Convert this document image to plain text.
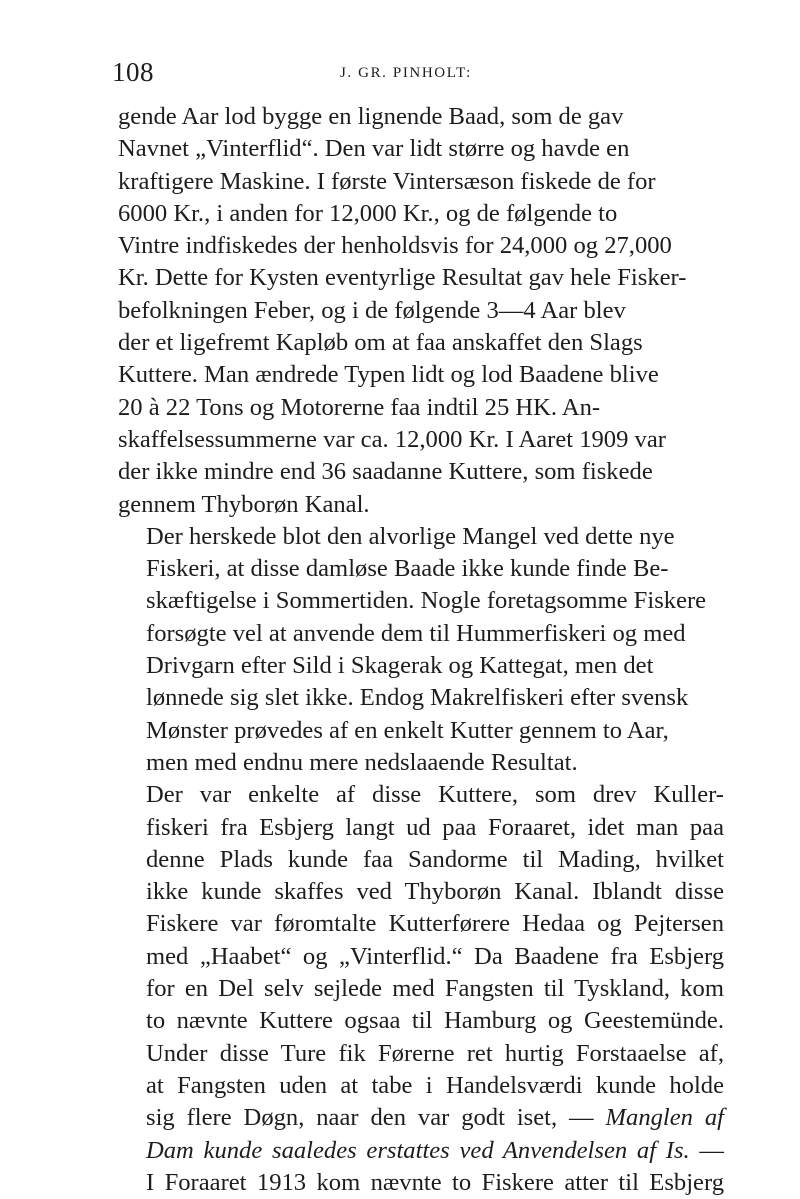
108	J. GR. PINHOLT:

gende Aar lod bygge en lignende Baad, som de gav
Navnet „Vinterflid“. Den var lidt større og havde en
kraftigere Maskine. I første Vintersæson fiskede de for
6000 Kr., i anden for 12,000 Kr., og de følgende to
Vintre indfiskedes der henholdsvis for 24,000 og 27,000
Kr. Dette for Kysten eventyrlige Resultat gav hele Fisker-
befolkningen Feber, og i de følgende 3—4 Aar blev
der et ligefremt Kapløb om at faa anskaffet den Slags
Kuttere. Man ændrede Typen lidt og lod Baadene blive
20 à 22 Tons og Motorerne faa indtil 25 HK. An-
skaffelsessummerne var ca. 12,000 Kr. I Aaret 1909 var
der ikke mindre end 36 saadanne Kuttere, som fiskede
gennem Thyborøn Kanal.

Der herskede blot den alvorlige Mangel ved dette nye
Fiskeri, at disse damløse Baade ikke kunde finde Be-
skæftigelse i Sommertiden. Nogle foretagsomme Fiskere
forsøgte vel at anvende dem til Hummerfiskeri og med
Drivgarn efter Sild i Skagerak og Kattegat, men det
lønnede sig slet ikke. Endog Makrelfiskeri efter svensk
Mønster prøvedes af en enkelt Kutter gennem to Aar,
men med endnu mere nedslaaende Resultat.

Der var enkelte af disse Kuttere, som drev Kuller-
fiskeri fra Esbjerg langt ud paa Foraaret, idet man paa
denne Plads kunde faa Sandorme til Mading, hvilket
ikke kunde skaffes ved Thyborøn Kanal. Iblandt disse
Fiskere var føromtalte Kutterførere Hedaa og Pejtersen
med „Haabet“ og „Vinterflid.“ Da Baadene fra Esbjerg
for en Del selv sejlede med Fangsten til Tyskland, kom
to nævnte Kuttere ogsaa til Hamburg og Geestemünde.
Under disse Ture fik Førerne ret hurtig Forstaaelse af,
at Fangsten uden at tabe i Handelsværdi kunde holde
sig flere Døgn, naar den var godt iset, — Manglen af
Dam kunde saaledes erstattes ved Anvendelsen af Is. —
I Foraaret 1913 kom nævnte to Fiskere atter til Esbjerg
